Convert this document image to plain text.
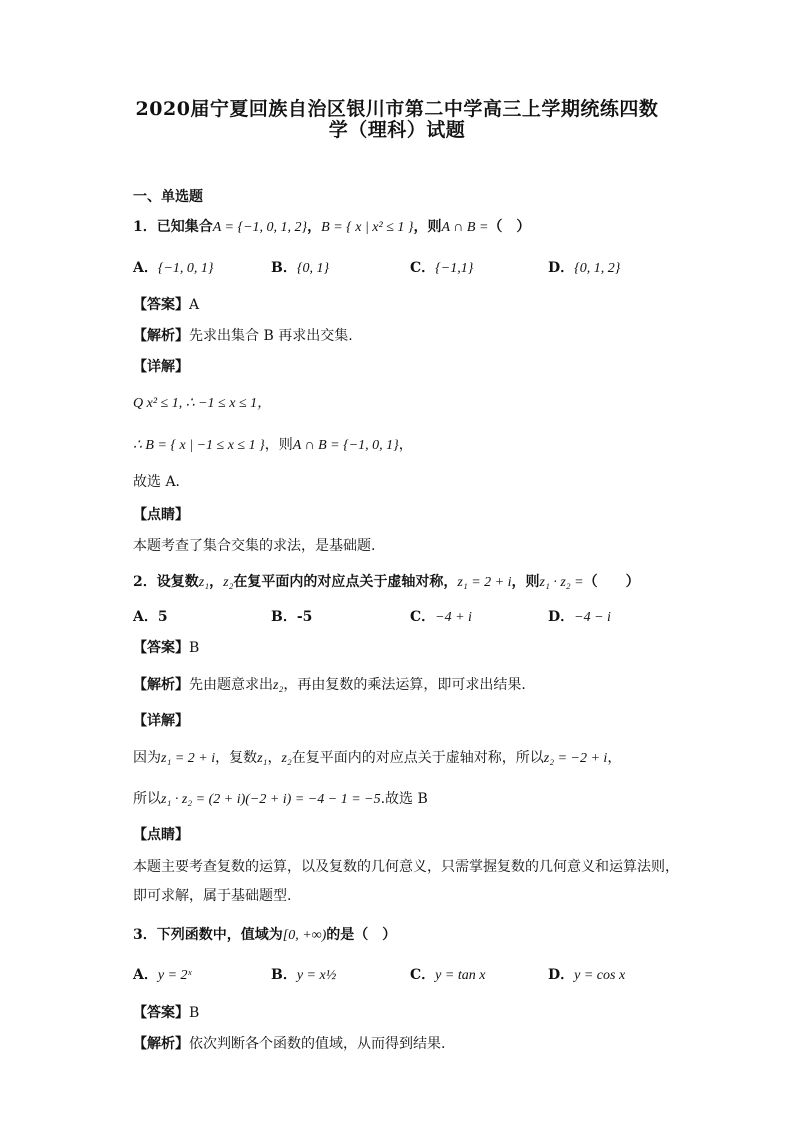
2020届宁夏回族自治区银川市第二中学高三上学期统练四数
学（理科）试题
一、单选题
1．已知集合A = {−1, 0, 1, 2}，B = { x | x² ≤ 1 }，则A ∩ B =（　）
A．{−1, 0, 1}	B．{0, 1}	C．{−1,1}	D．{0, 1, 2}
【答案】A
【解析】先求出集合 B 再求出交集.
【详解】
Q x² ≤ 1, ∴ −1 ≤ x ≤ 1，
∴ B = { x | −1 ≤ x ≤ 1 }，则A ∩ B = {−1, 0, 1}，
故选 A．
【点睛】
本题考查了集合交集的求法，是基础题.
2．设复数z₁，z₂在复平面内的对应点关于虚轴对称，z₁ = 2 + i，则z₁ · z₂ =（　　）
A．5	B．-5	C．−4 + i	D．−4 − i
【答案】B
【解析】先由题意求出z₂，再由复数的乘法运算，即可求出结果.
【详解】
因为z₁ = 2 + i，复数z₁，z₂在复平面内的对应点关于虚轴对称，所以z₂ = −2 + i，
所以z₁ · z₂ = (2 + i)(−2 + i) = −4 − 1 = −5.故选 B
【点睛】
本题主要考查复数的运算，以及复数的几何意义，只需掌握复数的几何意义和运算法则，
即可求解，属于基础题型.
3．下列函数中，值域为[0, +∞)的是（　）
A．y = 2ˣ	B．y = x½	C．y = tan x	D．y = cos x
【答案】B
【解析】依次判断各个函数的值域，从而得到结果.
